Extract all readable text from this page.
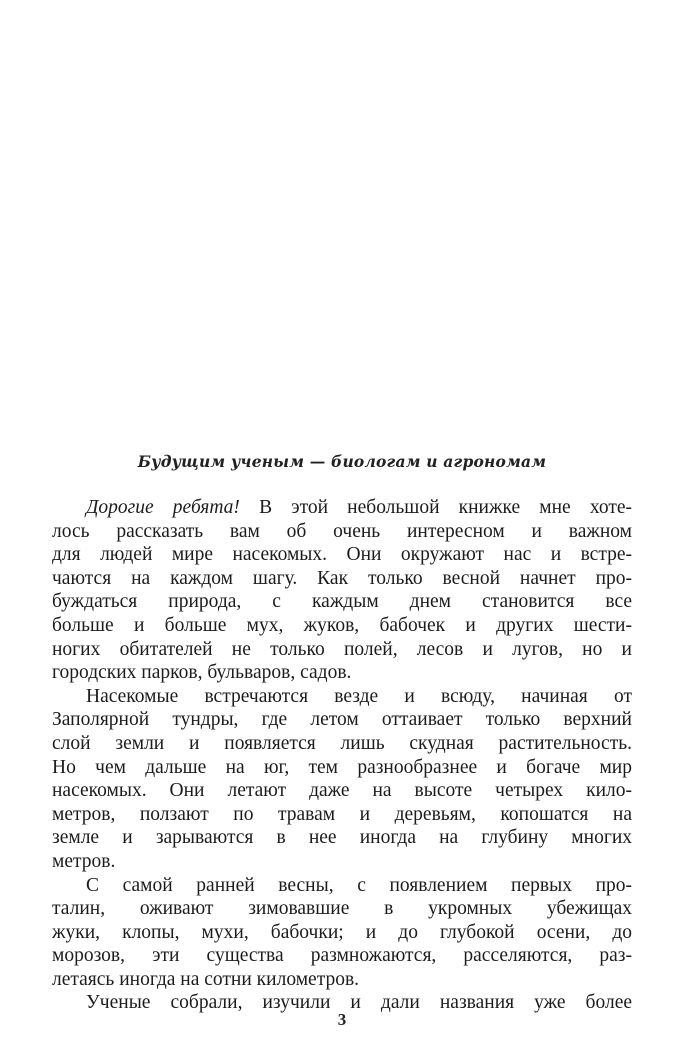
Будущим ученым — биологам и агрономам
Дорогие ребята! В этой небольшой книжке мне хоте-
лось рассказать вам об очень интересном и важном
для людей мире насекомых. Они окружают нас и встре-
чаются на каждом шагу. Как только весной начнет про-
буждаться природа, с каждым днем становится все
больше и больше мух, жуков, бабочек и других шести-
ногих обитателей не только полей, лесов и лугов, но и
городских парков, бульваров, садов.
Насекомые встречаются везде и всюду, начиная от
Заполярной тундры, где летом оттаивает только верхний
слой земли и появляется лишь скудная растительность.
Но чем дальше на юг, тем разнообразнее и богаче мир
насекомых. Они летают даже на высоте четырех кило-
метров, ползают по травам и деревьям, копошатся на
земле и зарываются в нее иногда на глубину многих
метров.
С самой ранней весны, с появлением первых про-
талин, оживают зимовавшие в укромных убежищах
жуки, клопы, мухи, бабочки; и до глубокой осени, до
морозов, эти существа размножаются, расселяются, раз-
летаясь иногда на сотни километров.
Ученые собрали, изучили и дали названия уже более
3
